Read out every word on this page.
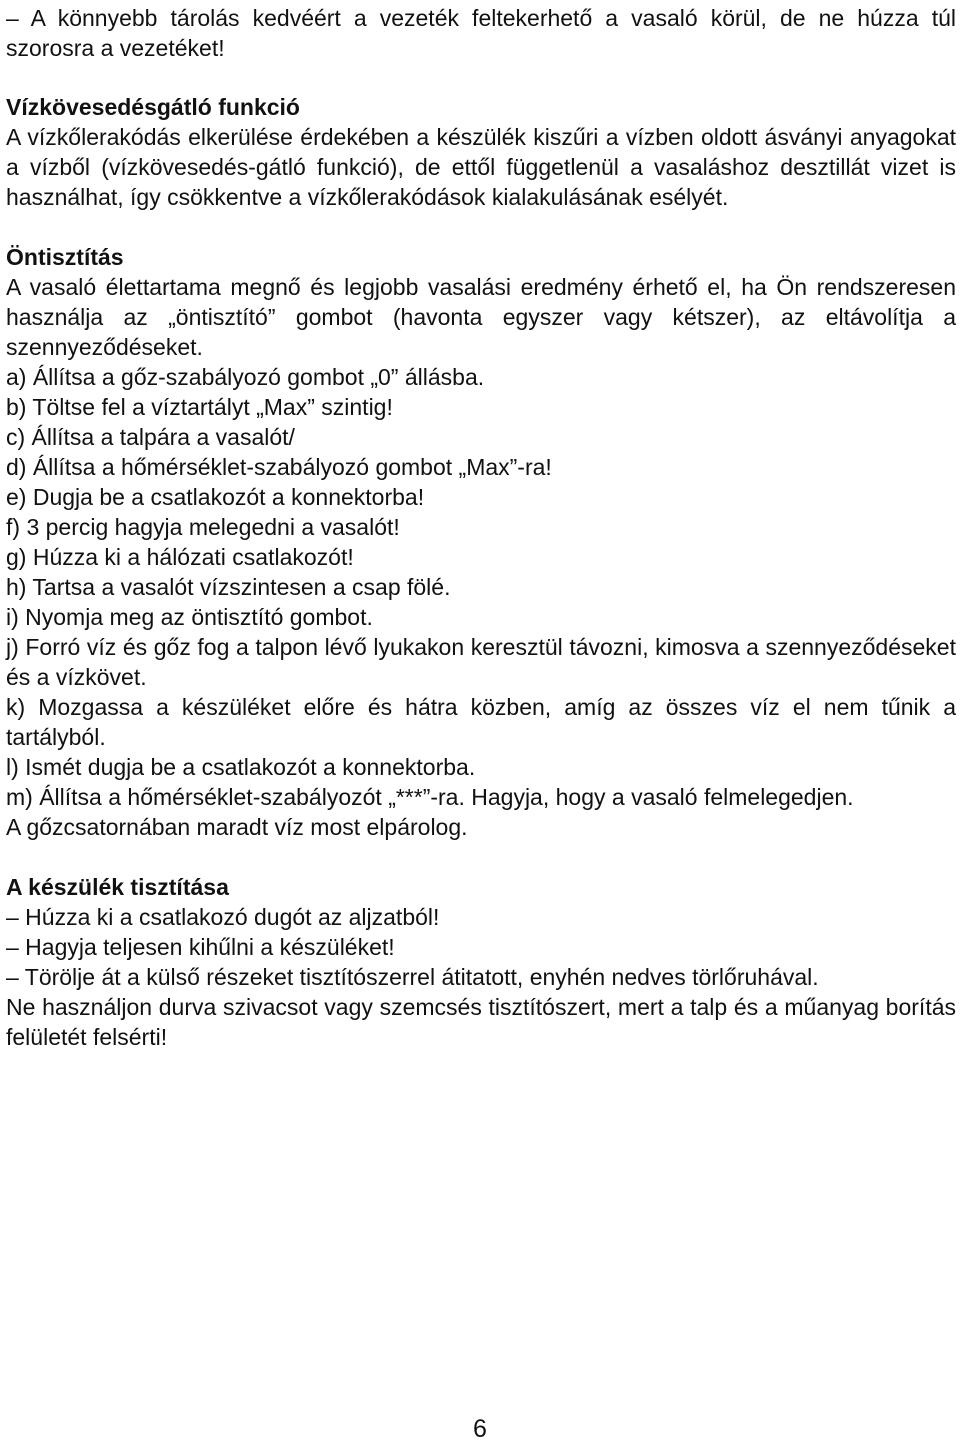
– A könnyebb tárolás kedvéért a vezeték feltekerhető a vasaló körül, de ne húzza túl szorosra a vezetéket!

Vízkövesedésgátló funkció

A vízkőlerakódás elkerülése érdekében a készülék kiszűri a vízben oldott ásványi anyagokat a vízből (vízkövesedés-gátló funkció), de ettől függetlenül a vasaláshoz desztillát vizet is használhat, így csökkentve a vízkőlerakódások kialakulásának esélyét.

Öntisztítás

A vasaló élettartama megnő és legjobb vasalási eredmény érhető el, ha Ön rendszeresen használja az „öntisztító” gombot (havonta egyszer vagy kétszer), az eltávolítja a szennyeződéseket.

a) Állítsa a gőz-szabályozó gombot „0” állásba.

b) Töltse fel a víztartályt „Max” szintig!

c) Állítsa a talpára a vasalót/

d) Állítsa a hőmérséklet-szabályozó gombot „Max”-ra!

e) Dugja be a csatlakozót a konnektorba!

f) 3 percig hagyja melegedni a vasalót!

g) Húzza ki a hálózati csatlakozót!

h) Tartsa a vasalót vízszintesen a csap fölé.

i) Nyomja meg az öntisztító gombot.

j) Forró víz és gőz fog a talpon lévő lyukakon keresztül távozni, kimosva a szennyeződéseket és a vízkövet.

k) Mozgassa a készüléket előre és hátra közben, amíg az összes víz el nem tűnik a tartályból.

l) Ismét dugja be a csatlakozót a konnektorba.

m) Állítsa a hőmérséklet-szabályozót „***”-ra. Hagyja, hogy a vasaló felmelegedjen.

A gőzcsatornában maradt víz most elpárolog.

A készülék tisztítása

– Húzza ki a csatlakozó dugót az aljzatból!

– Hagyja teljesen kihűlni a készüléket!

– Törölje át a külső részeket tisztítószerrel átitatott, enyhén nedves törlőruhával.

Ne használjon durva szivacsot vagy szemcsés tisztítószert, mert a talp és a műanyag borítás felületét felsérti!

6
